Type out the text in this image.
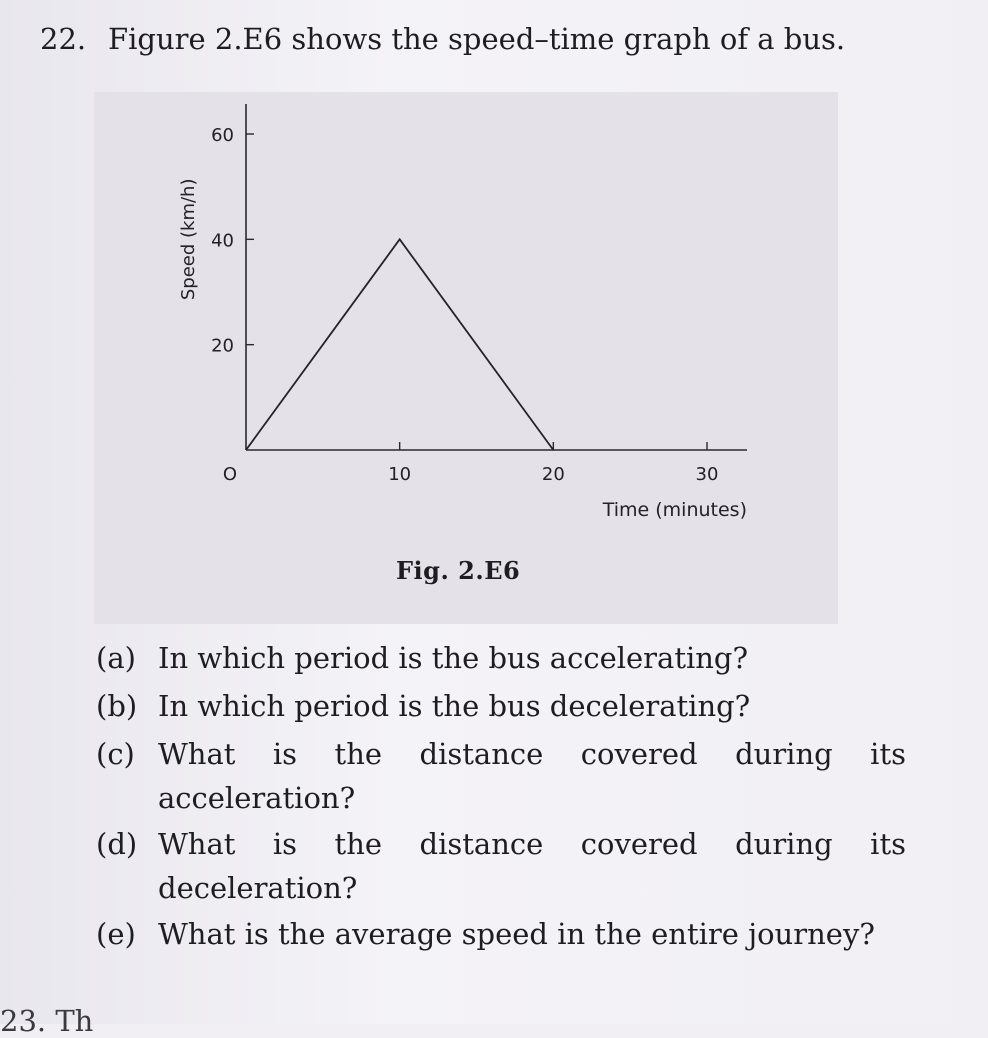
22. Figure 2.E6 shows the speed–time graph of a bus.
20
40
60
O	10	20	30
Time (minutes)
Speed (km/h)
Fig. 2.E6
(a) In which period is the bus accelerating?
(b) In which period is the bus decelerating?
(c) What is the distance covered during its acceleration?
(d) What is the distance covered during its deceleration?
(e) What is the average speed in the entire journey?
23. Th
